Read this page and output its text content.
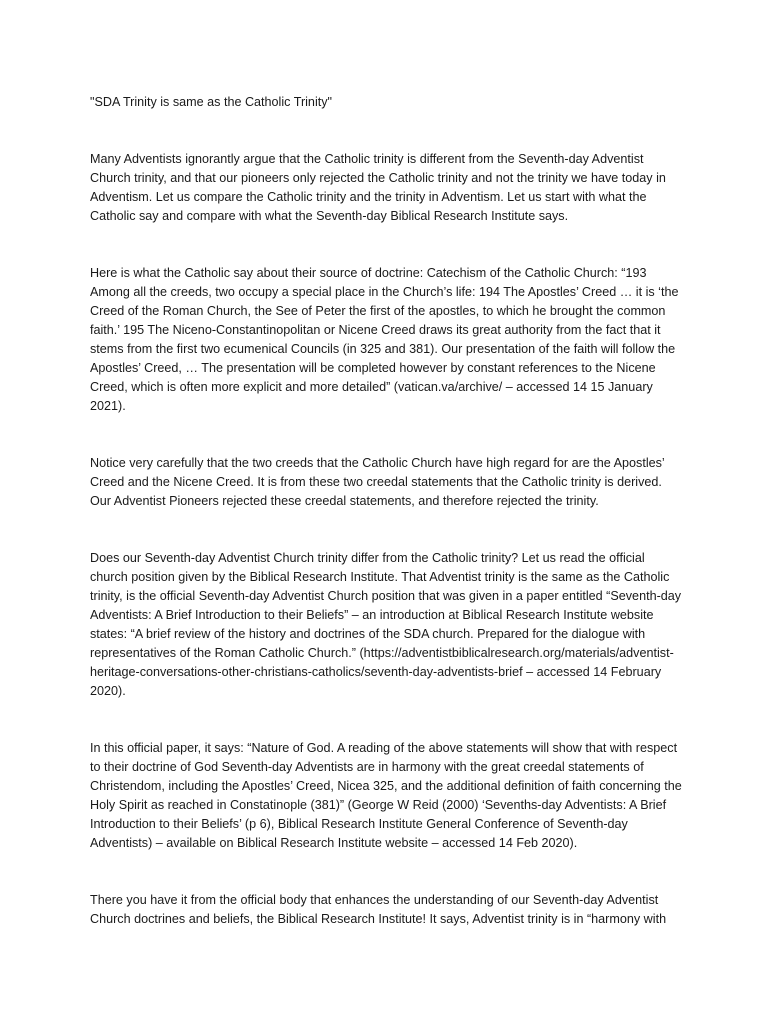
"SDA Trinity is same as the Catholic Trinity"

Many Adventists ignorantly argue that the Catholic trinity is different from the Seventh-day Adventist Church trinity, and that our pioneers only rejected the Catholic trinity and not the trinity we have today in Adventism. Let us compare the Catholic trinity and the trinity in Adventism. Let us start with what the Catholic say and compare with what the Seventh-day Biblical Research Institute says.

Here is what the Catholic say about their source of doctrine: Catechism of the Catholic Church: “193 Among all the creeds, two occupy a special place in the Church’s life: 194 The Apostles’ Creed … it is ‘the Creed of the Roman Church, the See of Peter the first of the apostles, to which he brought the common faith.’ 195 The Niceno-Constantinopolitan or Nicene Creed draws its great authority from the fact that it stems from the first two ecumenical Councils (in 325 and 381). Our presentation of the faith will follow the Apostles’ Creed, … The presentation will be completed however by constant references to the Nicene Creed, which is often more explicit and more detailed” (vatican.va/archive/ – accessed 14 15 January 2021).

Notice very carefully that the two creeds that the Catholic Church have high regard for are the Apostles’ Creed and the Nicene Creed. It is from these two creedal statements that the Catholic trinity is derived. Our Adventist Pioneers rejected these creedal statements, and therefore rejected the trinity.

Does our Seventh-day Adventist Church trinity differ from the Catholic trinity? Let us read the official church position given by the Biblical Research Institute. That Adventist trinity is the same as the Catholic trinity, is the official Seventh-day Adventist Church position that was given in a paper entitled “Seventh-day Adventists: A Brief Introduction to their Beliefs” – an introduction at Biblical Research Institute website states: “A brief review of the history and doctrines of the SDA church. Prepared for the dialogue with representatives of the Roman Catholic Church.” (https://adventistbiblicalresearch.org/materials/adventist-heritage-conversations-other-christians-catholics/seventh-day-adventists-brief – accessed 14 February 2020).

In this official paper, it says: “Nature of God. A reading of the above statements will show that with respect to their doctrine of God Seventh-day Adventists are in harmony with the great creedal statements of Christendom, including the Apostles’ Creed, Nicea 325, and the additional definition of faith concerning the Holy Spirit as reached in Constatinople (381)” (George W Reid (2000) ‘Sevenths-day Adventists: A Brief Introduction to their Beliefs’ (p 6), Biblical Research Institute General Conference of Seventh-day Adventists) – available on Biblical Research Institute website – accessed 14 Feb 2020).

There you have it from the official body that enhances the understanding of our Seventh-day Adventist Church doctrines and beliefs, the Biblical Research Institute! It says, Adventist trinity is in “harmony with
